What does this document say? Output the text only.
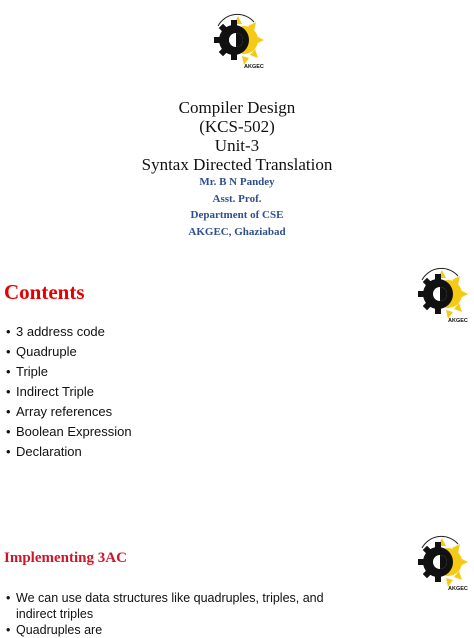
AKGEC
Compiler Design
(KCS-502)
Unit-3
Syntax Directed Translation
Mr. B N Pandey
Asst. Prof.
Department of CSE
AKGEC, Ghaziabad
Contents
AKGEC
• 3 address code
• Quadruple
• Triple
• Indirect Triple
• Array references
• Boolean Expression
• Declaration
Implementing 3AC
AKGEC
• We can use data structures like quadruples, triples, and
indirect triples
• Quadruples are
